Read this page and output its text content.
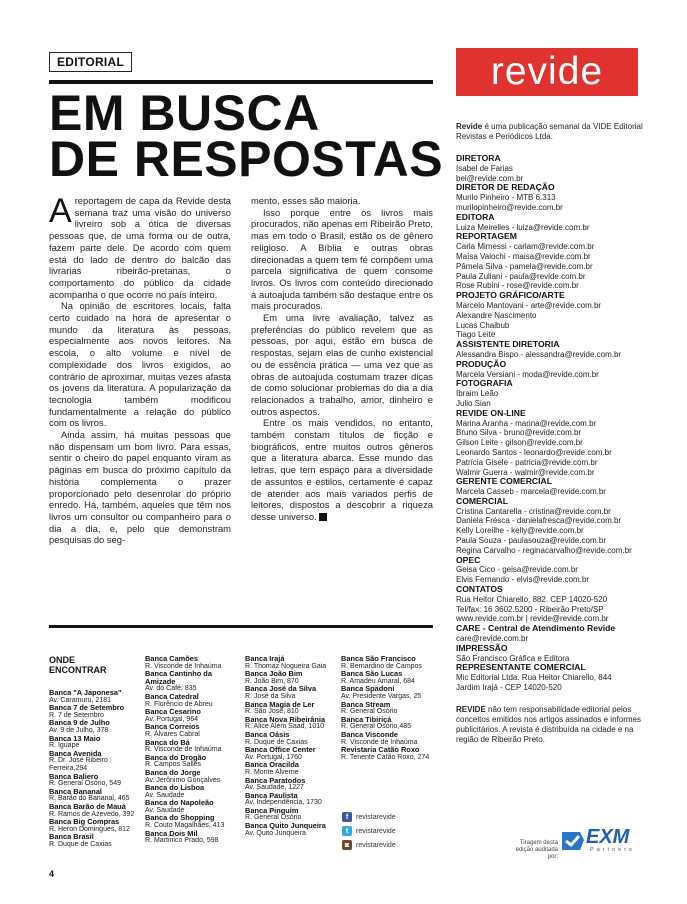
EDITORIAL
EM BUSCA
DE RESPOSTAS

Areportagem de capa da Revide desta semana traz uma visão do universo livreiro sob a ótica de diversas pessoas que, de uma forma ou de outra, fazem parte dele. De acordo com quem está do lado de dentro do balcão das livrarias ribeirão-pretanas, o comportamento do público da cidade acompanha o que ocorre no país inteiro.

Na opinião de escritores locais, falta certo cuidado na hora de apresentar o mundo da literatura às pessoas, especialmente aos novos leitores. Na escola, o alto volume e nível de complexidade dos livros exigidos, ao contrário de aproximar, muitas vezes afasta os jovens da literatura. A popularização da tecnologia também modificou fundamentalmente a relação do público com os livros.

Ainda assim, há muitas pessoas que não dispensam um bom livro. Para essas, sentir o cheiro do papel enquanto viram as páginas em busca do próximo capítulo da história complementa o prazer proporcionado pelo desenrolar do próprio enredo. Há, também, aqueles que têm nos livros um consultor ou companheiro para o dia a dia, e, pelo que demonstram pesquisas do seg-

mento, esses são maioria.

Isso porque entre os livros mais procurados, não apenas em Ribeirão Preto, mas em todo o Brasil, estão os de gênero religioso. A Bíblia e outras obras direcionadas a quem tem fé compõem uma parcela significativa de quem consome livros. Os livros com conteúdo direcionado à autoajuda também são destaque entre os mais procurados.

Em uma livre avaliação, talvez as preferências do público revelem que as pessoas, por aqui, estão em busca de respostas, sejam elas de cunho existencial ou de essência prática — uma vez que as obras de autoajuda costumam trazer dicas de como solucionar problemas do dia a dia relacionados a trabalho, amor, dinheiro e outros aspectos.

Entre os mais vendidos, no entanto, também constam títulos de ficção e biográficos, entre muitos outros gêneros que a literatura abarca. Esse mundo das letras, que tem espaço para a diversidade de assuntos e estilos, certamente é capaz de atender aos mais variados perfis de leitores, dispostos a descobrir a riqueza desse universo.

ONDE
ENCONTRAR
Banca "A Japonesa"
Av. Caramuru, 2181
Banca 7 de Setembro
R. 7 de Setembro
Banca 9 de Julho
Av. 9 de Julho, 378
Banca 13 Maio
R. Iguape
Banca Avenida
R. Dr. José Ribeiro Ferreira,294
Banca Baliero
R. General Osório, 549
Banca Bananal
R. Barão do Bananal, 465
Banca Barão de Mauá
R. Ramos de Azevedo, 392
Banca Big Compras
R. Heron Domingues, 812
Banca Brasil
R. Duque de Caxias
Banca Camões
R. Visconde de Inhaúma
Banca Cantinho da Amizade
Av. do Café, 835
Banca Catedral
R. Florêncio de Abreu
Banca Cesarino
Av. Portugal, 964
Banca Correios
R. Álvares Cabral
Banca do Bá
R. Visconde de Inhaúma
Banca do Drogão
R. Campos Salles
Banca do Jorge
Av. Jerônimo Gonçalves
Banca do Lisboa
Av. Saudade
Banca do Napoleão
Av. Saudade
Banca do Shopping
R. Couto Magalhães, 413
Banca Dois Mil
R. Martinico Prado, 598
Banca Irajá
R. Thomaz Nogueira Gaia
Banca João Bim
R. João Bim, 870
Banca José da Silva
R. José da Silva
Banca Magia de Ler
R. São José, 810
Banca Nova Ribeirânia
R. Alice Além Saad, 1010
Banca Oásis
R. Duque de Caxias
Banca Office Center
Av. Portugal, 1760
Banca Oracilda
R. Monte Alverne
Banca Paratodos
Av. Saudade, 1227
Banca Paulista
Av. Independência, 1730
Banca Pinguim
R. General Osório
Banca Quito Junqueira
Av. Quito Junqueira
Banca São Francisco
R. Bernardino de Campos
Banca São Lucas
R. Amadeu Amaral, 684
Banca Spadoni
Av. Presidente Vargas, 25
Banca Stream
R. General Osório
Banca Tibiriçá
R. General Osório,485
Banca Visconde
R. Visconde de Inhaúma
Revistaria Catão Roxo
R. Tenente Catão Roxo, 274
f	revistarevide
t	revistarevide
◙ revistarevide
revide
Revide é uma publicação semanal da VIDE Editorial Revistas e Periódicos Ltda.
DIRETORA
Isabel de Farias
bel@revide.com.br
DIRETOR DE REDAÇÃO
Murilo Pinheiro - MTB 6.313
murilopinheiro@revide.com.br
EDITORA
Luiza Meirelles - luiza@revide.com.br
REPORTAGEM
Carla Mimessi - carlam@revide.com.br
Maísa Valochi - maisa@revide.com.br
Pâmela Silva - pamela@revide.com.br
Paula Zuliani - paula@revide.com.br
Rose Rubini - rose@revide.com.br
PROJETO GRÁFICO/ARTE
Marcelo Mantovani - arte@revide.com.br
Alexandre Nascimento
Lucas Chaibub
Tiago Leite
ASSISTENTE DIRETORIA
Alessandra Bispo - alessandra@revide.com.br
PRODUÇÃO
Marcela Versiani - moda@revide.com.br
FOTOGRAFIA
Ibraim Leão
Julio Sian
REVIDE ON-LINE
Marina Aranha - marina@revide.com.br
Bruno Silva - bruno@revide.com.br
Gilson Leite - gilson@revide.com.br
Leonardo Santos - leonardo@revide.com.br
Patrícia Gisele - patricia@revide.com.br
Walmir Guerra - walmir@revide.com.br
GERENTE COMERCIAL
Marcela Casseb - marcela@revide.com.br
COMERCIAL
Cristina Cantarella - cristina@revide.com.br
Daniela Frésca - danielafresca@revide.com.br
Kelly Loreilhe - kelly@revide.com.br
Paula Souza - paulasouza@revide.com.br
Regina Carvalho - reginacarvalho@revide.com.br
OPEC
Geisa Cico - geisa@revide.com.br
Elvis Fernando - elvis@revide.com.br
CONTATOS
Rua Heitor Chiarello, 882. CEP 14020-520
Tel/fax: 16 3602.5200 - Ribeirão Preto/SP
www.revide.com.br | revide@revide.com.br
CARE - Central de Atendimento Revide
care@revide.com.br
IMPRESSÃO
São Francisco Gráfica e Editora
REPRESENTANTE COMERCIAL
Mic Editorial Ltda. Rua Heitor Chiarello, 844
Jardim Irajá - CEP 14020-520
REVIDE não tem responsabilidade editorial pelos conceitos emitidos nos artigos assinados e informes publicitários. A revista é distribuída na cidade e na região de Ribeirão Preto.
Tiragem desta edição auditada por:
EXM
Partners
4
